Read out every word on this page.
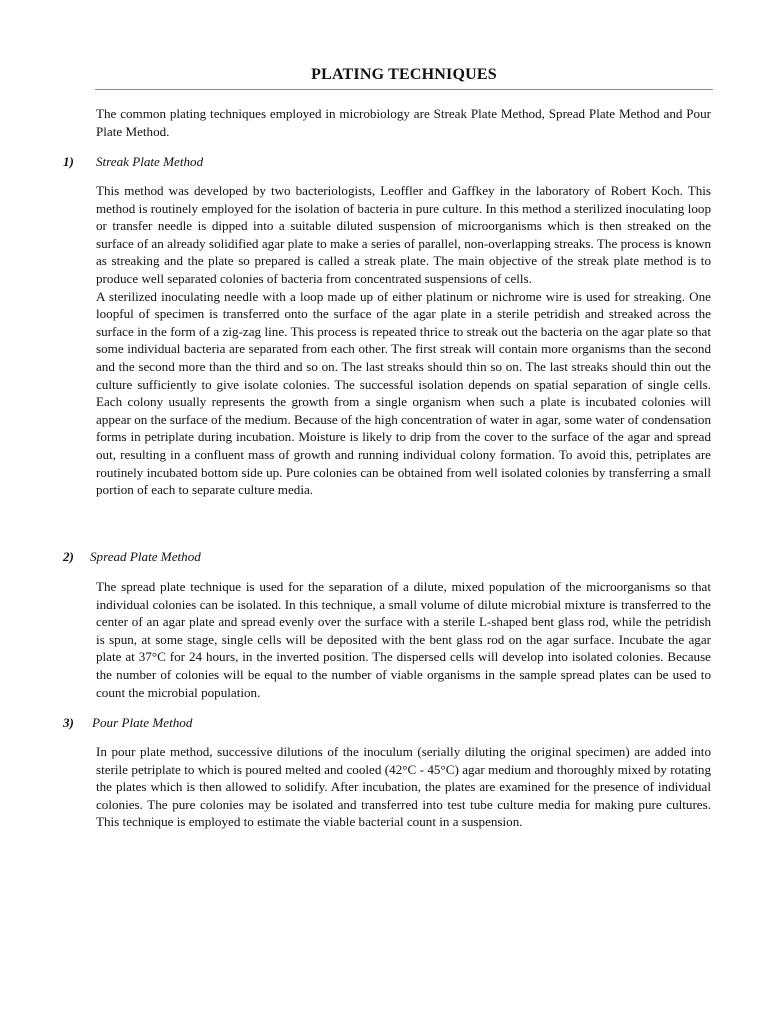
PLATING TECHNIQUES

The common plating techniques employed in microbiology are Streak Plate Method, Spread Plate Method and Pour Plate Method.

1) Streak Plate Method

This method was developed by two bacteriologists, Leoffler and Gaffkey in the laboratory of Robert Koch. This method is routinely employed for the isolation of bacteria in pure culture. In this method a sterilized inoculating loop or transfer needle is dipped into a suitable diluted suspension of microorganisms which is then streaked on the surface of an already solidified agar plate to make a series of parallel, non-overlapping streaks. The process is known as streaking and the plate so prepared is called a streak plate. The main objective of the streak plate method is to produce well separated colonies of bacteria from concentrated suspensions of cells.

A sterilized inoculating needle with a loop made up of either platinum or nichrome wire is used for streaking. One loopful of specimen is transferred onto the surface of the agar plate in a sterile petridish and streaked across the surface in the form of a zig-zag line. This process is repeated thrice to streak out the bacteria on the agar plate so that some individual bacteria are separated from each other. The first streak will contain more organisms than the second and the second more than the third and so on. The last streaks should thin so on. The last streaks should thin out the culture sufficiently to give isolate colonies. The successful isolation depends on spatial separation of single cells. Each colony usually represents the growth from a single organism when such a plate is incubated colonies will appear on the surface of the medium. Because of the high concentration of water in agar, some water of condensation forms in petriplate during incubation. Moisture is likely to drip from the cover to the surface of the agar and spread out, resulting in a confluent mass of growth and running individual colony formation. To avoid this, petriplates are routinely incubated bottom side up. Pure colonies can be obtained from well isolated colonies by transferring a small portion of each to separate culture media.

2) Spread Plate Method

The spread plate technique is used for the separation of a dilute, mixed population of the microorganisms so that individual colonies can be isolated. In this technique, a small volume of dilute microbial mixture is transferred to the center of an agar plate and spread evenly over the surface with a sterile L-shaped bent glass rod, while the petridish is spun, at some stage, single cells will be deposited with the bent glass rod on the agar surface. Incubate the agar plate at 37°C for 24 hours, in the inverted position. The dispersed cells will develop into isolated colonies. Because the number of colonies will be equal to the number of viable organisms in the sample spread plates can be used to count the microbial population.

3) Pour Plate Method

In pour plate method, successive dilutions of the inoculum (serially diluting the original specimen) are added into sterile petriplate to which is poured melted and cooled (42°C - 45°C) agar medium and thoroughly mixed by rotating the plates which is then allowed to solidify. After incubation, the plates are examined for the presence of individual colonies. The pure colonies may be isolated and transferred into test tube culture media for making pure cultures. This technique is employed to estimate the viable bacterial count in a suspension.
